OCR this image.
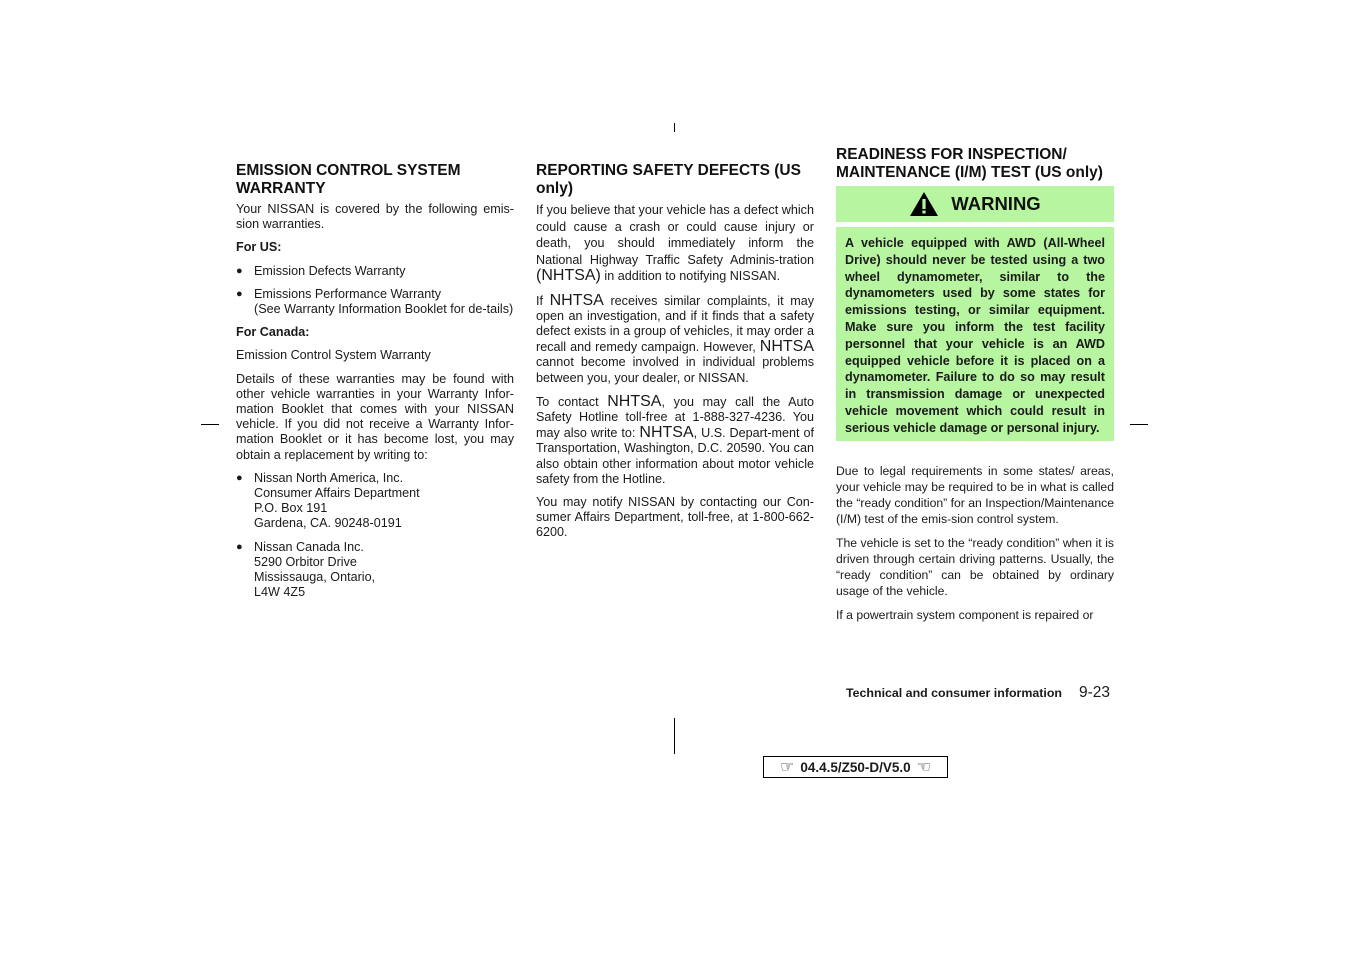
EMISSION CONTROL SYSTEM WARRANTY

Your NISSAN is covered by the following emis-sion warranties.

For US:
● Emission Defects Warranty
● Emissions Performance Warranty

(See Warranty Information Booklet for de-tails)
For Canada:

Emission Control System Warranty

Details of these warranties may be found with other vehicle warranties in your Warranty Infor-mation Booklet that comes with your NISSAN vehicle. If you did not receive a Warranty Infor-mation Booklet or it has become lost, you may obtain a replacement by writing to:

● Nissan North America, Inc.
Consumer Affairs Department
P.O. Box 191
Gardena, CA. 90248-0191
● Nissan Canada Inc.
5290 Orbitor Drive
Mississauga, Ontario,
L4W 4Z5
REPORTING SAFETY DEFECTS (US only)

If you believe that your vehicle has a defect which could cause a crash or could cause injury or death, you should immediately inform the National Highway Traffic Safety Adminis-tration (NHTSA) in addition to notifying NISSAN.

If NHTSA receives similar complaints, it may open an investigation, and if it finds that a safety defect exists in a group of vehicles, it may order a recall and remedy campaign. However, NHTSA cannot become involved in individual problems between you, your dealer, or NISSAN.

To contact NHTSA, you may call the Auto Safety Hotline toll-free at 1-888-327-4236. You may also write to: NHTSA, U.S. Depart-ment of Transportation, Washington, D.C. 20590. You can also obtain other information about motor vehicle safety from the Hotline.

You may notify NISSAN by contacting our Con-sumer Affairs Department, toll-free, at 1-800-662-6200.

READINESS FOR INSPECTION/ MAINTENANCE (I/M) TEST (US only)
WARNING
A vehicle equipped with AWD (All-Wheel Drive) should never be tested using a two wheel dynamometer, similar to the dynamometers used by some states for emissions testing, or similar equipment. Make sure you inform the test facility personnel that your vehicle is an AWD equipped vehicle before it is placed on a dynamometer. Failure to do so may result in transmission damage or unexpected vehicle movement which could result in serious vehicle damage or personal injury.

Due to legal requirements in some states/ areas, your vehicle may be required to be in what is called the “ready condition” for an Inspection/Maintenance (I/M) test of the emis-sion control system.

The vehicle is set to the “ready condition” when it is driven through certain driving patterns. Usually, the “ready condition” can be obtained by ordinary usage of the vehicle.

If a powertrain system component is repaired or

Technical and consumer information 9-23
☞ 04.4.5/Z50-D/V5.0 ☜
